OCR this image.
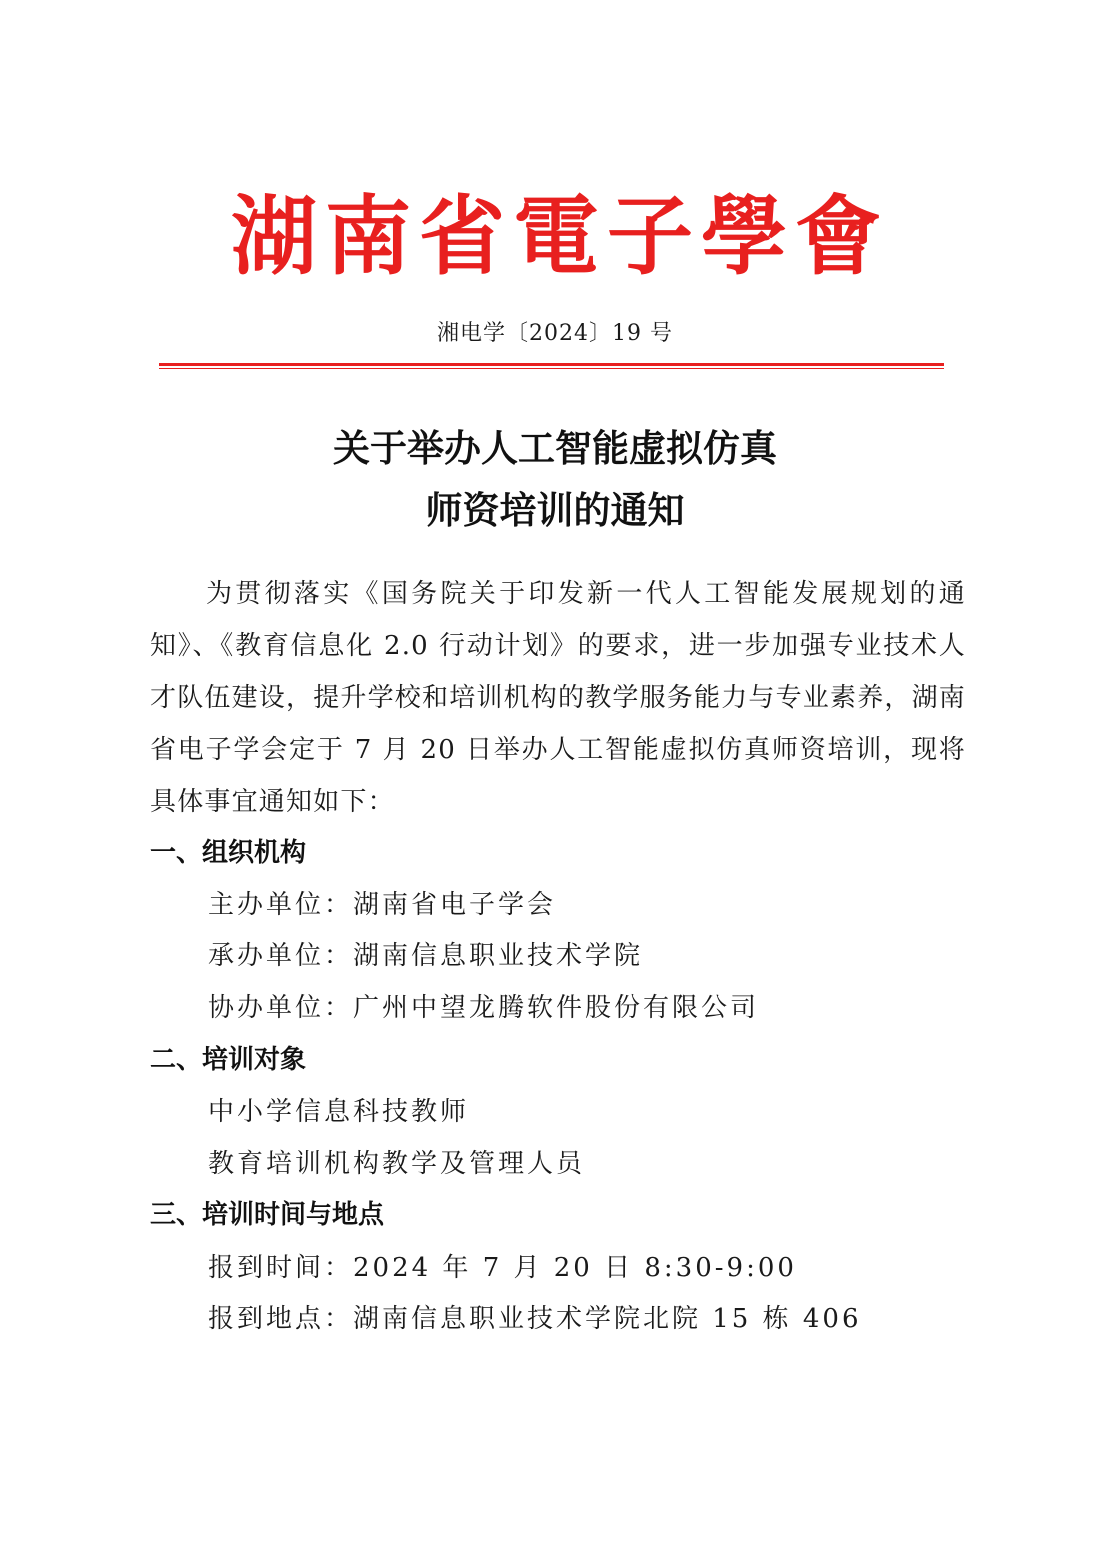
湖南省電子學會
湘电学〔2024〕19 号
关于举办人工智能虚拟仿真
师资培训的通知
为贯彻落实《国务院关于印发新一代人工智能发展规划的通知》、《教育信息化 2.0 行动计划》的要求，进一步加强专业技术人才队伍建设，提升学校和培训机构的教学服务能力与专业素养，湖南省电子学会定于 7 月 20 日举办人工智能虚拟仿真师资培训，现将具体事宜通知如下：
一、组织机构
主办单位：湖南省电子学会
承办单位：湖南信息职业技术学院
协办单位：广州中望龙腾软件股份有限公司
二、培训对象
中小学信息科技教师
教育培训机构教学及管理人员
三、培训时间与地点
报到时间：2024 年 7 月 20 日 8:30-9:00
报到地点：湖南信息职业技术学院北院 15 栋 406
